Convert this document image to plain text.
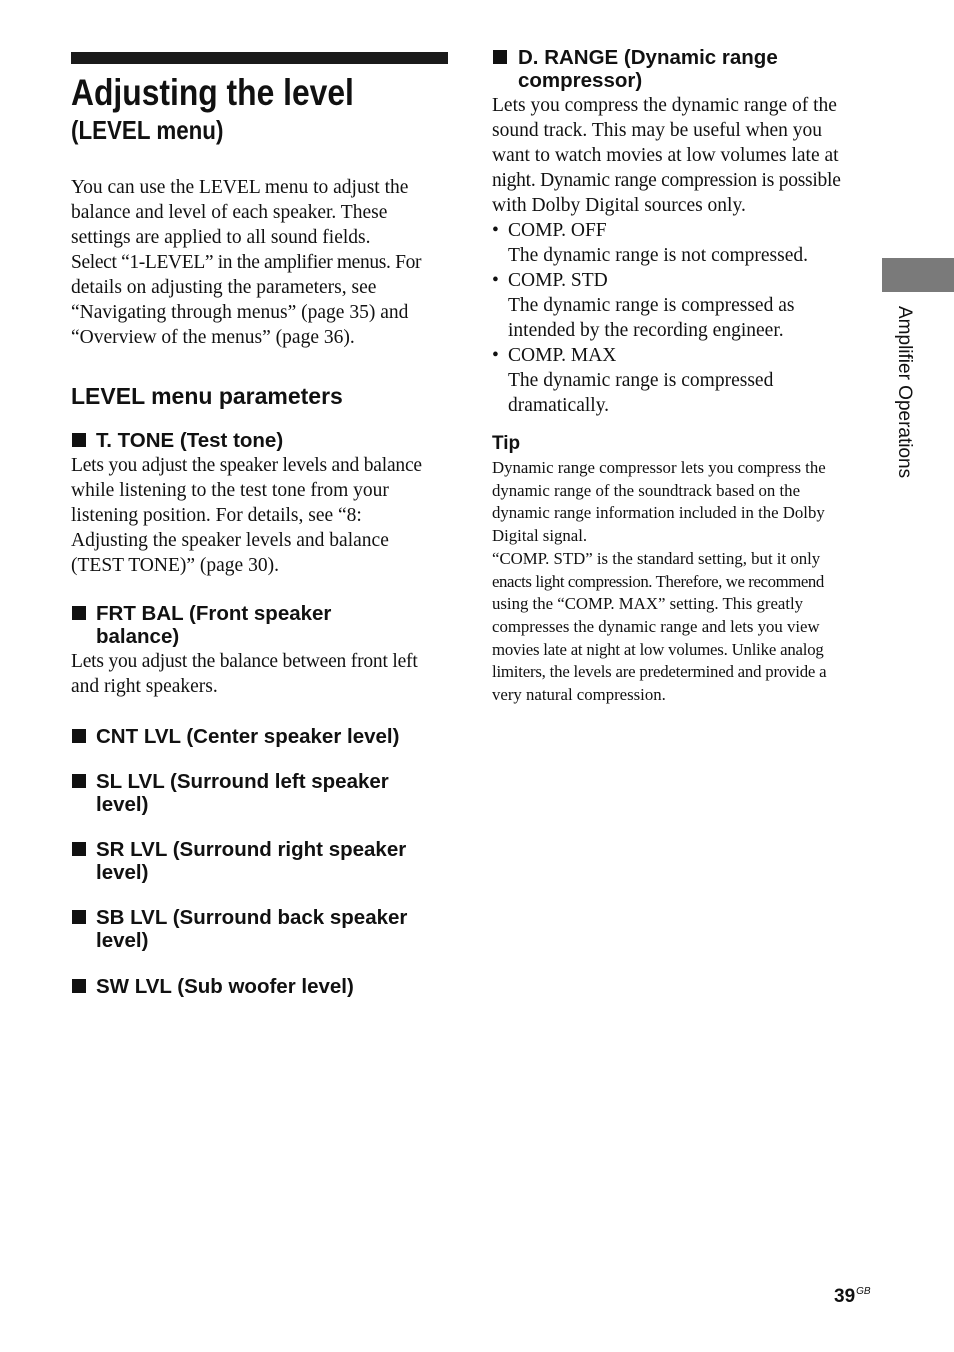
Adjusting the level
(LEVEL menu)

You can use the LEVEL menu to adjust the

balance and level of each speaker. These

settings are applied to all sound fields.

Select “1-LEVEL” in the amplifier menus. For

details on adjusting the parameters, see

“Navigating through menus” (page 35) and

“Overview of the menus” (page 36).

LEVEL menu parameters
T. TONE (Test tone)

Lets you adjust the speaker levels and balance

while listening to the test tone from your

listening position. For details, see “8:

Adjusting the speaker levels and balance

(TEST TONE)” (page 30).

FRT BAL (Front speaker
balance)

Lets you adjust the balance between front left

and right speakers.

CNT LVL (Center speaker level)
SL LVL (Surround left speaker
level)
SR LVL (Surround right speaker
level)
SB LVL (Surround back speaker
level)
SW LVL (Sub woofer level)
D. RANGE (Dynamic range
compressor)

Lets you compress the dynamic range of the

sound track. This may be useful when you

want to watch movies at low volumes late at

night. Dynamic range compression is possible

with Dolby Digital sources only.

• COMP. OFF
The dynamic range is not compressed.
• COMP. STD
The dynamic range is compressed as
intended by the recording engineer.
• COMP. MAX
The dynamic range is compressed
dramatically.

Tip

Dynamic range compressor lets you compress the

dynamic range of the soundtrack based on the

dynamic range information included in the Dolby

Digital signal.

“COMP. STD” is the standard setting, but it only

enacts light compression. Therefore, we recommend

using the “COMP. MAX” setting. This greatly

compresses the dynamic range and lets you view

movies late at night at low volumes. Unlike analog

limiters, the levels are predetermined and provide a

very natural compression.

Amplifier Operations
$39^{GB}$
